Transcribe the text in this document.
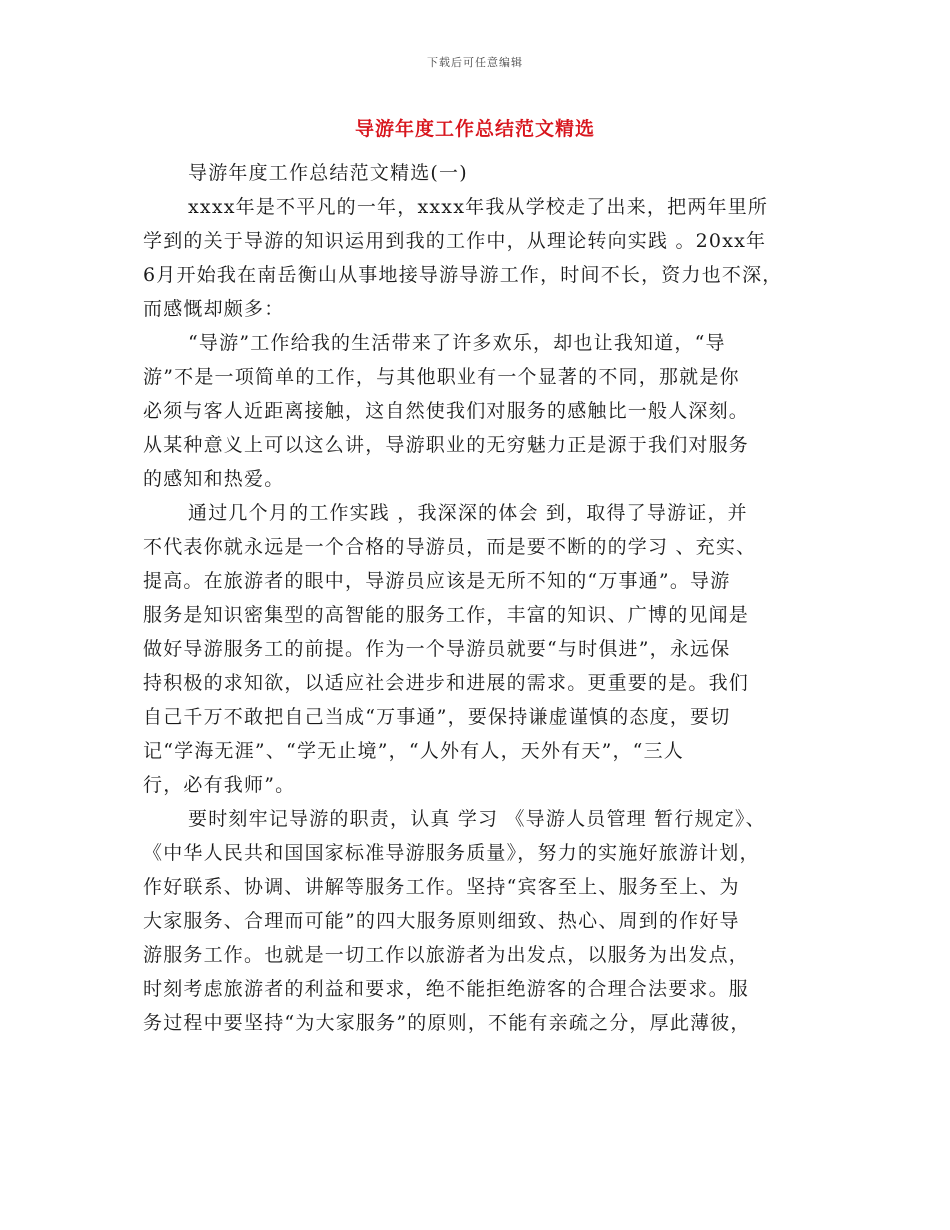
下载后可任意编辑
导游年度工作总结范文精选
导游年度工作总结范文精选(一)
xxxx年是不平凡的一年，xxxx年我从学校走了出来，把两年里所
学到的关于导游的知识运用到我的工作中，从理论转向实践 。20xx年
6月开始我在南岳衡山从事地接导游导游工作，时间不长，资力也不深，
而感慨却颇多：
“导游”工作给我的生活带来了许多欢乐，却也让我知道，“导
游”不是一项简单的工作，与其他职业有一个显著的不同，那就是你
必须与客人近距离接触，这自然使我们对服务的感触比一般人深刻。
从某种意义上可以这么讲，导游职业的无穷魅力正是源于我们对服务
的感知和热爱。
通过几个月的工作实践 ，我深深的体会 到，取得了导游证，并
不代表你就永远是一个合格的导游员，而是要不断的的学习 、充实、
提高。在旅游者的眼中，导游员应该是无所不知的“万事通”。导游
服务是知识密集型的高智能的服务工作，丰富的知识、广博的见闻是
做好导游服务工的前提。作为一个导游员就要“与时俱进”，永远保
持积极的求知欲，以适应社会进步和进展的需求。更重要的是。我们
自己千万不敢把自己当成“万事通”，要保持谦虚谨慎的态度，要切
记“学海无涯”、“学无止境”，“人外有人，天外有天”，“三人
行，必有我师”。
要时刻牢记导游的职责，认真 学习 《导游人员管理 暂行规定》、
《中华人民共和国国家标准导游服务质量》，努力的实施好旅游计划，
作好联系、协调、讲解等服务工作。坚持“宾客至上、服务至上、为
大家服务、合理而可能”的四大服务原则细致、热心、周到的作好导
游服务工作。也就是一切工作以旅游者为出发点，以服务为出发点，
时刻考虑旅游者的利益和要求，绝不能拒绝游客的合理合法要求。服
务过程中要坚持“为大家服务”的原则，不能有亲疏之分，厚此薄彼，
